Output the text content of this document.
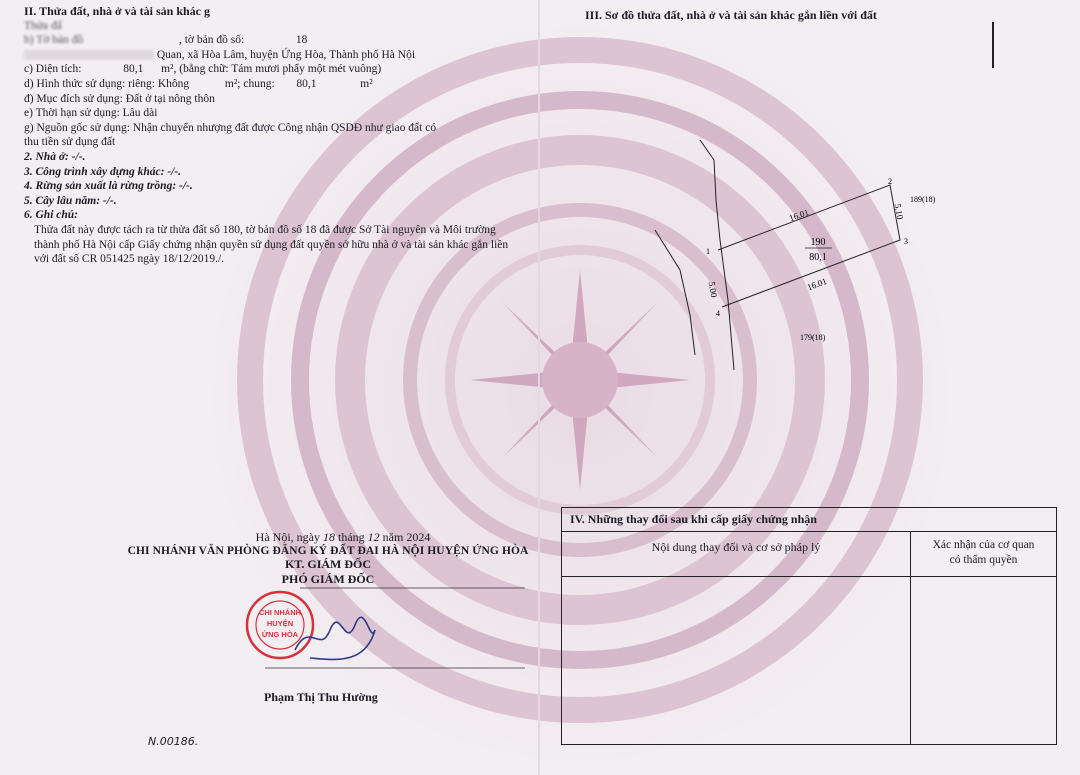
II. Thửa đất, nhà ở và tài sản khác g
Thửa đấ
b) Tờ bản đồ	, tờ bản đồ số:	18
Quan, xã Hòa Lâm, huyện Ứng Hòa, Thành phố Hà Nội
c) Diện tích:	80,1 m², (bằng chữ: Tám mươi phẩy một mét vuông)
d) Hình thức sử dụng: riêng: Không	m²; chung: 80,1	m²
đ) Mục đích sử dụng: Đất ở tại nông thôn
e) Thời hạn sử dụng: Lâu dài
g) Nguồn gốc sử dụng: Nhận chuyển nhượng đất được Công nhận QSDĐ như giao đất có
thu tiền sử dụng đất
2. Nhà ở: -/-.
3. Công trình xây dựng khác: -/-.
4. Rừng sản xuất là rừng trồng: -/-.
5. Cây lâu năm: -/-.
6. Ghi chú:
Thửa đất này được tách ra từ thửa đất số 180, tờ bản đồ số 18 đã được Sở Tài nguyên và Môi trường thành phố Hà Nội cấp Giấy chứng nhận quyền sử dụng đất quyền sở hữu nhà ở và tài sản khác gắn liền với đất số CR 051425 ngày 18/12/2019./.
Hà Nội, ngày 18 tháng 12 năm 2024
CHI NHÁNH VĂN PHÒNG ĐĂNG KÝ ĐẤT ĐAI HÀ NỘI HUYỆN ỨNG HÒA
KT. GIÁM ĐỐC
PHÓ GIÁM ĐỐC
CHI NHÁNH
HUYỆN
ỨNG HÒA
Phạm Thị Thu Hường
N.00186.
III. Sơ đồ thửa đất, nhà ở và tài sản khác gắn liền với đất
16.01
16.01
5.10
5.00
190
80,1
1
2
3
4
189(18)
179(18)
IV. Những thay đổi sau khi cấp giấy chứng nhận
Nội dung thay đổi và cơ sở pháp lý	Xác nhận của cơ quan
có thẩm quyền
